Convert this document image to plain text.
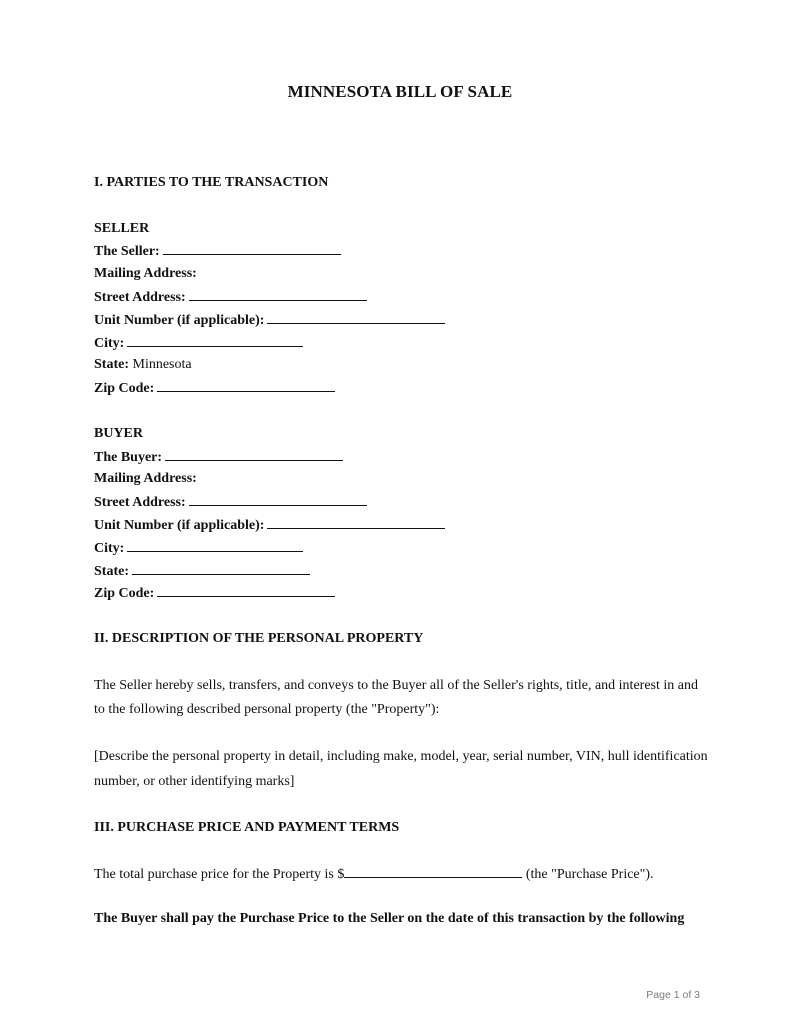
MINNESOTA BILL OF SALE
I. PARTIES TO THE TRANSACTION
SELLER
The Seller:
Mailing Address:
Street Address:
Unit Number (if applicable):
City:
State: Minnesota
Zip Code:
BUYER
The Buyer:
Mailing Address:
Street Address:
Unit Number (if applicable):
City:
State:
Zip Code:
II. DESCRIPTION OF THE PERSONAL PROPERTY

The Seller hereby sells, transfers, and conveys to the Buyer all of the Seller's rights, title, and interest in and to the following described personal property (the "Property"):

[Describe the personal property in detail, including make, model, year, serial number, VIN, hull identification number, or other identifying marks]

III. PURCHASE PRICE AND PAYMENT TERMS
The total purchase price for the Property is $	(the "Purchase Price").
The Buyer shall pay the Purchase Price to the Seller on the date of this transaction by the following
Page 1 of 3
